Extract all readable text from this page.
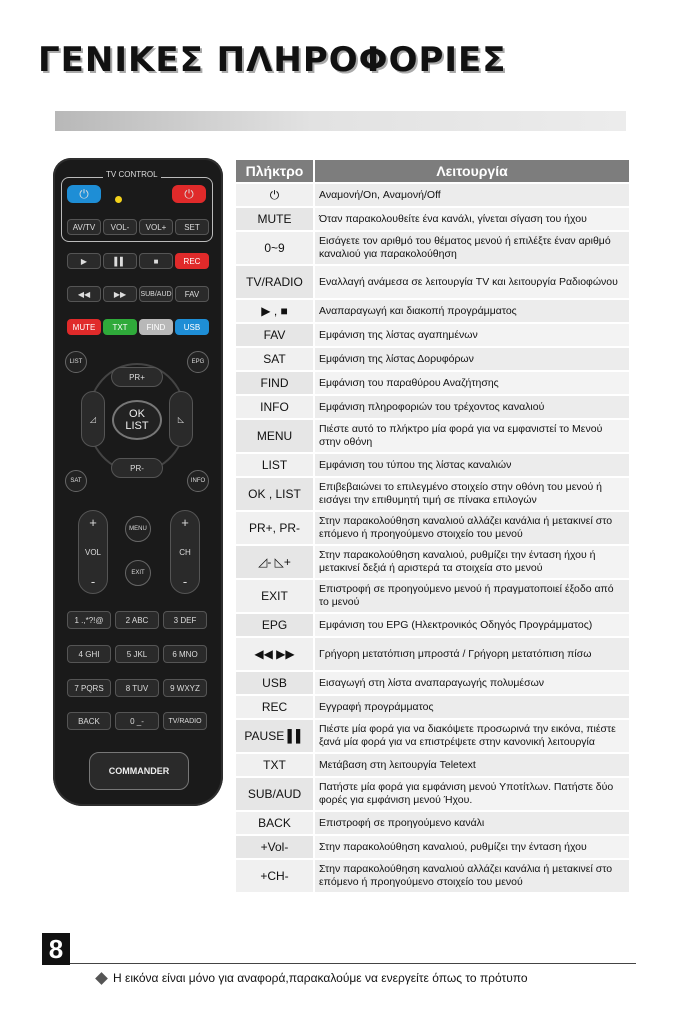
ΓΕΝΙΚΕΣ ΠΛΗΡΟΦΟΡΙΕΣ
TV CONTROL
⏻	⏻
AV/TV	VOL-	VOL+	SET
▶	▌▌	■	REC
◀◀	▶▶	SUB/AUD	FAV
MUTE	TXT	FIND	USB
LIST	EPG
PR+
PR-
◿	◺
OK
LIST
SAT	INFO
+
VOL
-
+
CH
-
MENU
EXIT
1 .,*?!@	2 ABC	3 DEF
4 GHI	5 JKL	6 MNO
7 PQRS	8 TUV	9 WXYZ
BACK	0 _-	TV/RADIO
COMMANDER
Πλήκτρο	Λειτουργία
⏻	Αναμονή/On, Αναμονή/Off
MUTE	Όταν παρακολουθείτε ένα κανάλι, γίνεται σίγαση του ήχου
0~9	Εισάγετε τον αριθμό του θέματος μενού ή επιλέξτε έναν αριθμό καναλιού για παρακολούθηση
TV/RADIO	Εναλλαγή ανάμεσα σε λειτουργία TV και λειτουργία Ραδιοφώνου
▶ , ■	Αναπαραγωγή και διακοπή προγράμματος
FAV	Εμφάνιση της λίστας αγαπημένων
SAT	Εμφάνιση της λίστας Δορυφόρων
FIND	Εμφάνιση του παραθύρου Αναζήτησης
INFO	Εμφάνιση πληροφοριών του τρέχοντος καναλιού
MENU	Πιέστε αυτό το πλήκτρο μία φορά για να εμφανιστεί το Μενού στην οθόνη
LIST	Εμφάνιση του τύπου της λίστας καναλιών
OK , LIST	Επιβεβαιώνει το επιλεγμένο στοιχείο στην οθόνη του μενού ή εισάγει την επιθυμητή τιμή σε πίνακα επιλογών
PR+, PR-	Στην παρακολούθηση καναλιού αλλάζει κανάλια ή μετακινεί στο επόμενο ή προηγούμενο στοιχείο του μενού
◿- ◺+	Στην παρακολούθηση καναλιού, ρυθμίζει την ένταση ήχου ή μετακινεί δεξιά ή αριστερά τα στοιχεία στο μενού
EXIT	Επιστροφή σε προηγούμενο μενού ή πραγματοποιεί έξοδο από το μενού
EPG	Εμφάνιση του EPG (Ηλεκτρονικός Οδηγός Προγράμματος)
◀◀ ▶▶	Γρήγορη μετατόπιση μπροστά / Γρήγορη μετατόπιση πίσω
USB	Εισαγωγή στη λίστα αναπαραγωγής πολυμέσων
REC	Εγγραφή προγράμματος
PAUSE ▌▌	Πιέστε μία φορά για να διακόψετε προσωρινά την εικόνα, πιέστε ξανά μία φορά για να επιστρέψετε στην κανονική λειτουργία
TXT	Μετάβαση στη λειτουργία Teletext
SUB/AUD	Πατήστε μία φορά για εμφάνιση μενού Υποτίτλων. Πατήστε δύο φορές για εμφάνιση μενού Ήχου.
BACK	Επιστροφή σε προηγούμενο κανάλι
+Vol-	Στην παρακολούθηση καναλιού, ρυθμίζει την ένταση ήχου
+CH-	Στην παρακολούθηση καναλιού αλλάζει κανάλια ή μετακινεί στο επόμενο ή προηγούμενο στοιχείο του μενού
8
Η εικόνα είναι μόνο για αναφορά,παρακαλούμε να ενεργείτε όπως το πρότυπο
